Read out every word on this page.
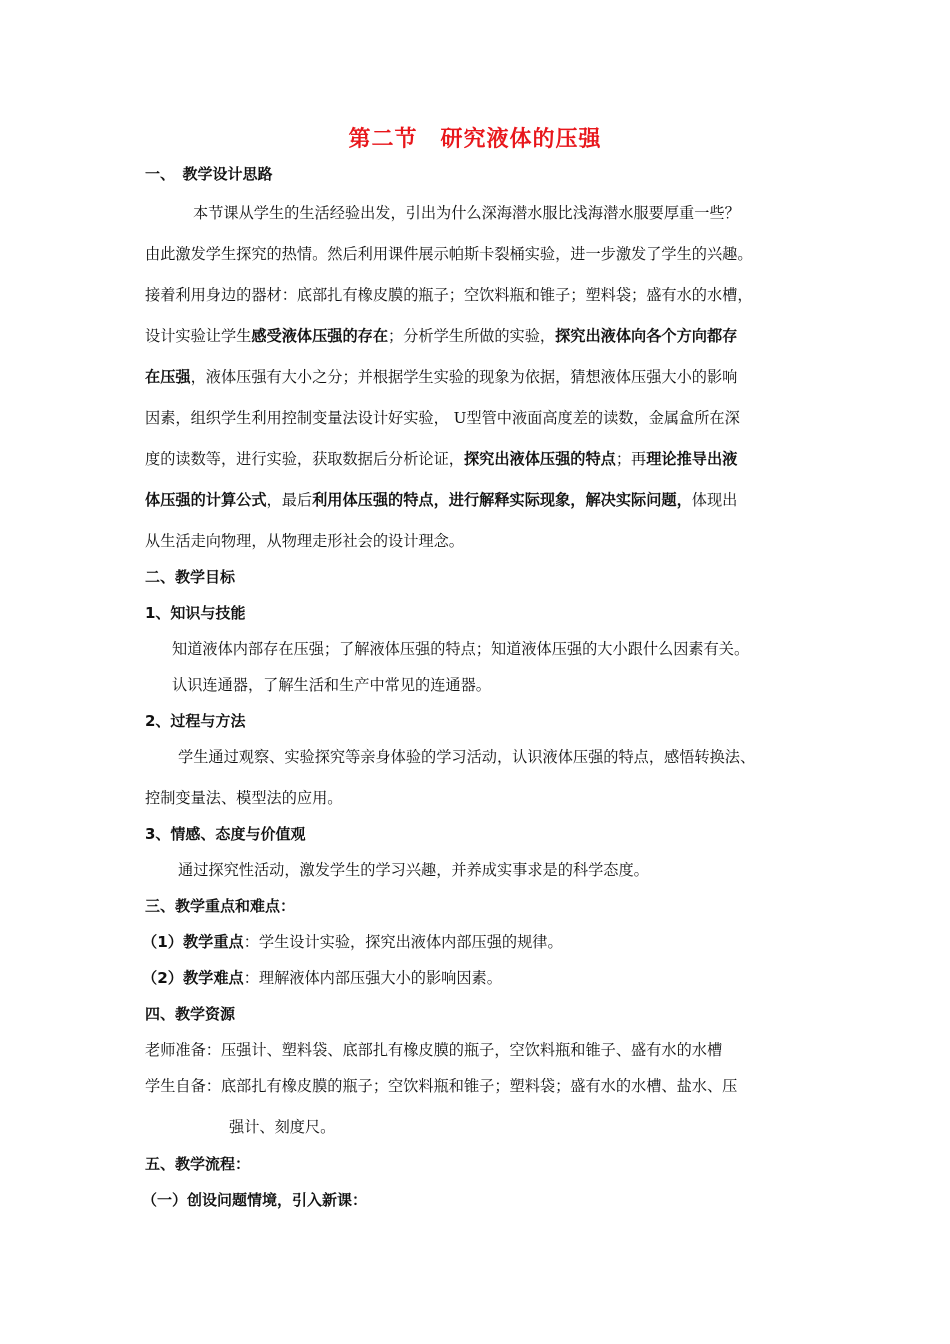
第二节　研究液体的压强
一、　教学设计思路
本节课从学生的生活经验出发，引出为什么深海潜水服比浅海潜水服要厚重一些？
由此激发学生探究的热情。然后利用课件展示帕斯卡裂桶实验，进一步激发了学生的兴趣。
接着利用身边的器材：底部扎有橡皮膜的瓶子；空饮料瓶和锥子；塑料袋；盛有水的水槽，
设计实验让学生感受液体压强的存在；分析学生所做的实验，探究出液体向各个方向都存
在压强，液体压强有大小之分；并根据学生实验的现象为依据，猜想液体压强大小的影响
因素，组织学生利用控制变量法设计好实验， U型管中液面高度差的读数，金属盒所在深
度的读数等，进行实验，获取数据后分析论证，探究出液体压强的特点；再理论推导出液
体压强的计算公式，最后利用体压强的特点，进行解释实际现象，解决实际问题，体现出
从生活走向物理，从物理走形社会的设计理念。
二、教学目标
1、知识与技能
知道液体内部存在压强；了解液体压强的特点；知道液体压强的大小跟什么因素有关。
认识连通器，了解生活和生产中常见的连通器。
2、过程与方法
学生通过观察、实验探究等亲身体验的学习活动，认识液体压强的特点，感悟转换法、
控制变量法、模型法的应用。
3、情感、态度与价值观
通过探究性活动，激发学生的学习兴趣，并养成实事求是的科学态度。
三、教学重点和难点：
（1）教学重点：学生设计实验，探究出液体内部压强的规律。
（2）教学难点：理解液体内部压强大小的影响因素。
四、教学资源
老师准备：压强计、塑料袋、底部扎有橡皮膜的瓶子，空饮料瓶和锥子、盛有水的水槽
学生自备：底部扎有橡皮膜的瓶子；空饮料瓶和锥子；塑料袋；盛有水的水槽、盐水、压
强计、刻度尺。
五、教学流程：
（一）创设问题情境，引入新课：
